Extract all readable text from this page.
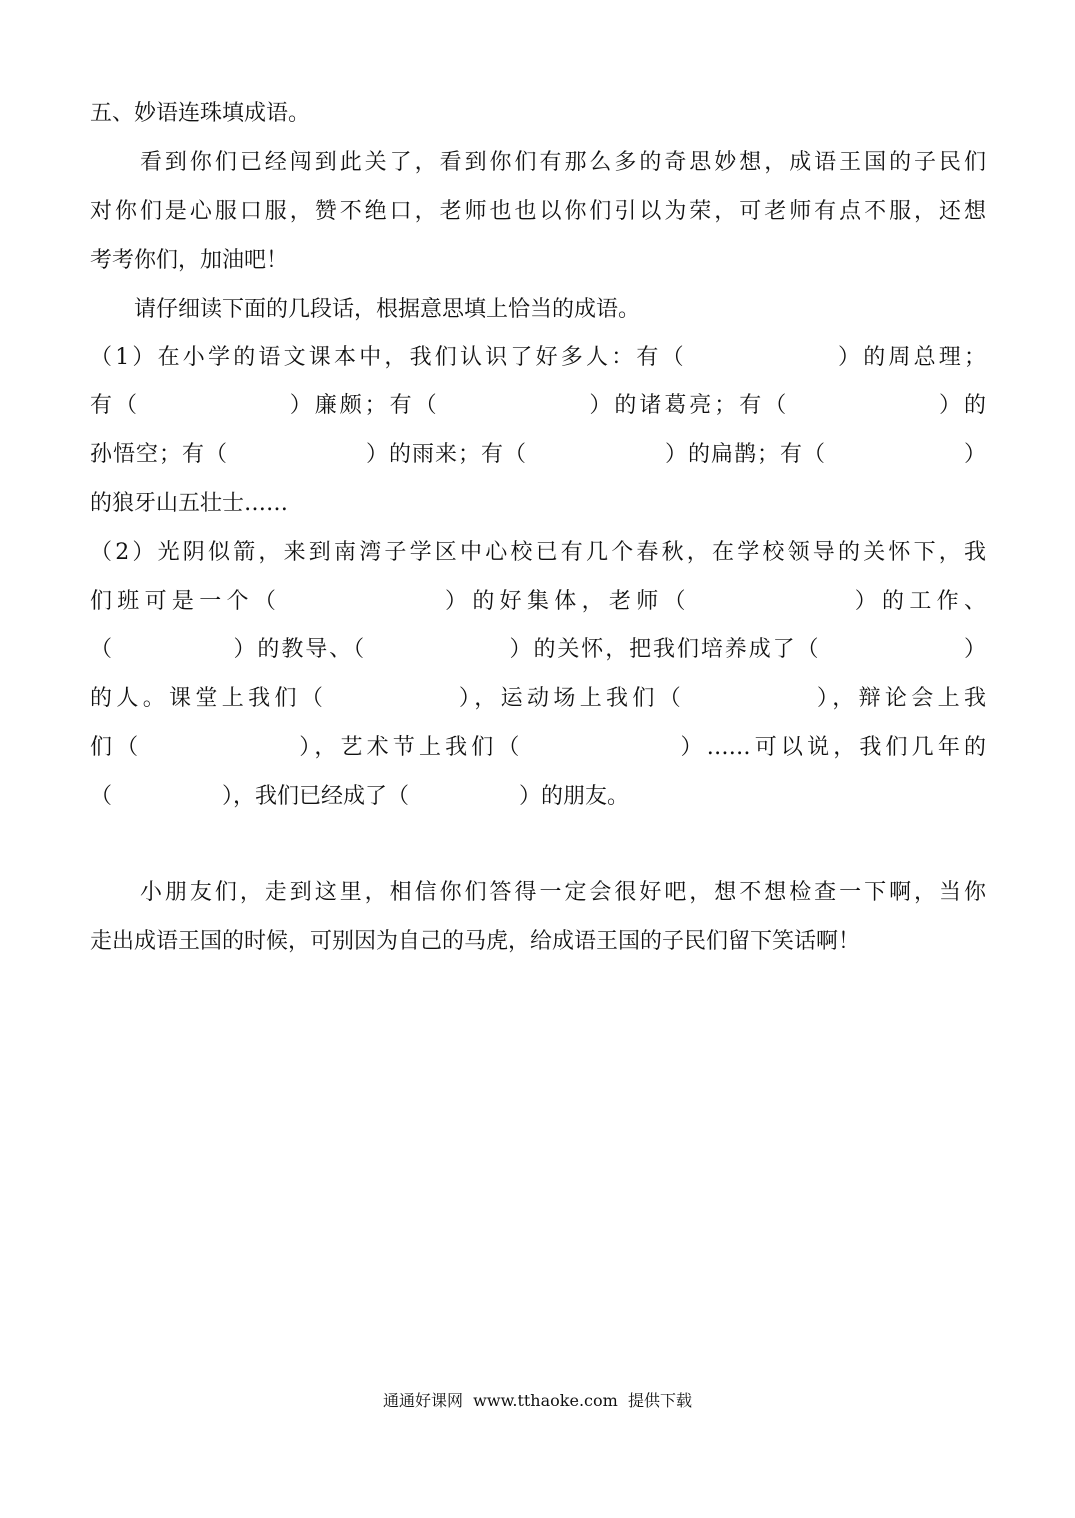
五、妙语连珠填成语。
　　看到你们已经闯到此关了，看到你们有那么多的奇思妙想，成语王国的子民们
对你们是心服口服，赞不绝口，老师也也以你们引以为荣，可老师有点不服，还想
考考你们，加油吧！
　　请仔细读下面的几段话，根据意思填上恰当的成语。
（1）在小学的语文课本中，我们认识了好多人：有（　　　　　　）的周总理；
有（　　　　　　）廉颇；有（　　　　　　）的诸葛亮；有（　　　　　　）的
孙悟空；有（　　　　　　）的雨来；有（　　　　　　）的扁鹊；有（　　　　　　）
的狼牙山五壮士……
（2）光阴似箭，来到南湾子学区中心校已有几个春秋，在学校领导的关怀下，我
们班可是一个（　　　　　　）的好集体，老师（　　　　　　）的工作、
（　　　　　）的教导、（　　　　　　）的关怀，把我们培养成了（　　　　　　）
的人。课堂上我们（　　　　　），运动场上我们（　　　　　），辩论会上我
们（　　　　　　），艺术节上我们（　　　　　　）……可以说，我们几年的
（　　　　　），我们已经成了（　　　　　）的朋友。
　　小朋友们，走到这里，相信你们答得一定会很好吧，想不想检查一下啊，当你
走出成语王国的时候，可别因为自己的马虎，给成语王国的子民们留下笑话啊！
通通好课网  www.tthaoke.com  提供下载
